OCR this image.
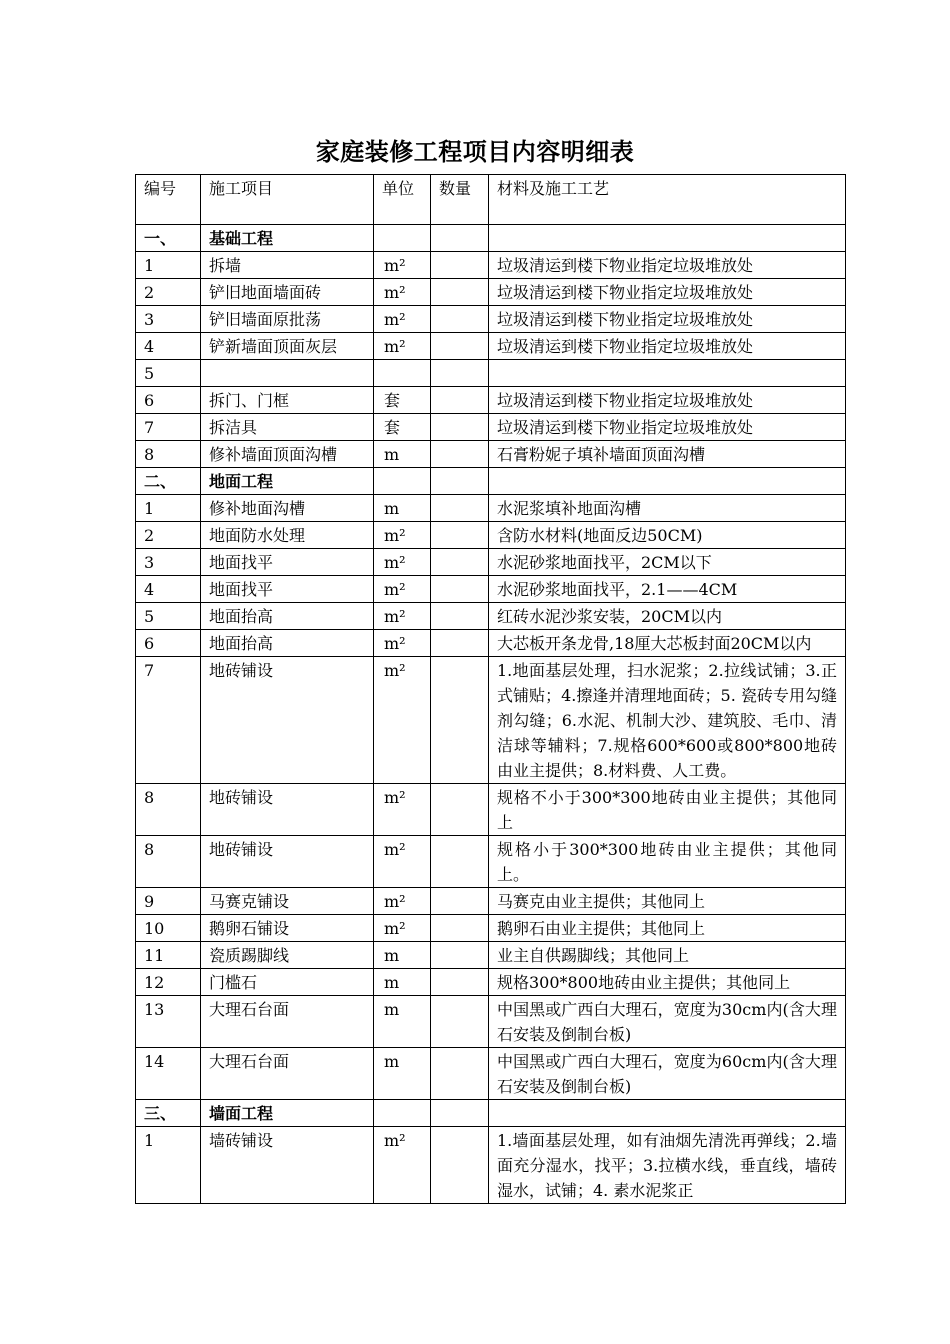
家庭装修工程项目内容明细表
编号	施工项目	单位	数量	材料及施工工艺
一、	基础工程			
1	拆墙	m²		垃圾清运到楼下物业指定垃圾堆放处
2	铲旧地面墙面砖	m²		垃圾清运到楼下物业指定垃圾堆放处
3	铲旧墙面原批荡	m²		垃圾清运到楼下物业指定垃圾堆放处
4	铲新墙面顶面灰层	m²		垃圾清运到楼下物业指定垃圾堆放处
5				
6	拆门、门框	套		垃圾清运到楼下物业指定垃圾堆放处
7	拆洁具	套		垃圾清运到楼下物业指定垃圾堆放处
8	修补墙面顶面沟槽	m		石膏粉妮子填补墙面顶面沟槽
二、	地面工程			
1	修补地面沟槽	m		水泥浆填补地面沟槽
2	地面防水处理	m²		含防水材料(地面反边50CM)
3	地面找平	m²		水泥砂浆地面找平，2CM以下
4	地面找平	m²		水泥砂浆地面找平，2.1——4CM
5	地面抬高	m²		红砖水泥沙浆安装，20CM以内
6	地面抬高	m²		大芯板开条龙骨,18厘大芯板封面20CM以内
7	地砖铺设	m²		1.地面基层处理，扫水泥浆；2.拉线试铺；3.正式铺贴；4.擦逢并清理地面砖；5. 瓷砖专用勾缝剂勾缝；6.水泥、机制大沙、建筑胶、毛巾、清洁球等辅料；7.规格600*600或800*800地砖由业主提供；8.材料费、人工费。
8	地砖铺设	m²		规格不小于300*300地砖由业主提供；其他同上
8	地砖铺设	m²		规格小于300*300地砖由业主提供；其他同上。
9	马赛克铺设	m²		马赛克由业主提供；其他同上
10	鹅卵石铺设	m²		鹅卵石由业主提供；其他同上
11	瓷质踢脚线	m		业主自供踢脚线；其他同上
12	门槛石	m		规格300*800地砖由业主提供；其他同上
13	大理石台面	m		中国黑或广西白大理石，宽度为30cm内(含大理石安装及倒制台板)
14	大理石台面	m		中国黑或广西白大理石，宽度为60cm内(含大理石安装及倒制台板)
三、	墙面工程			
1	墙砖铺设	m²		1.墙面基层处理，如有油烟先清洗再弹线；2.墙面充分湿水，找平；3.拉横水线，垂直线，墙砖湿水，试铺；4. 素水泥浆正
